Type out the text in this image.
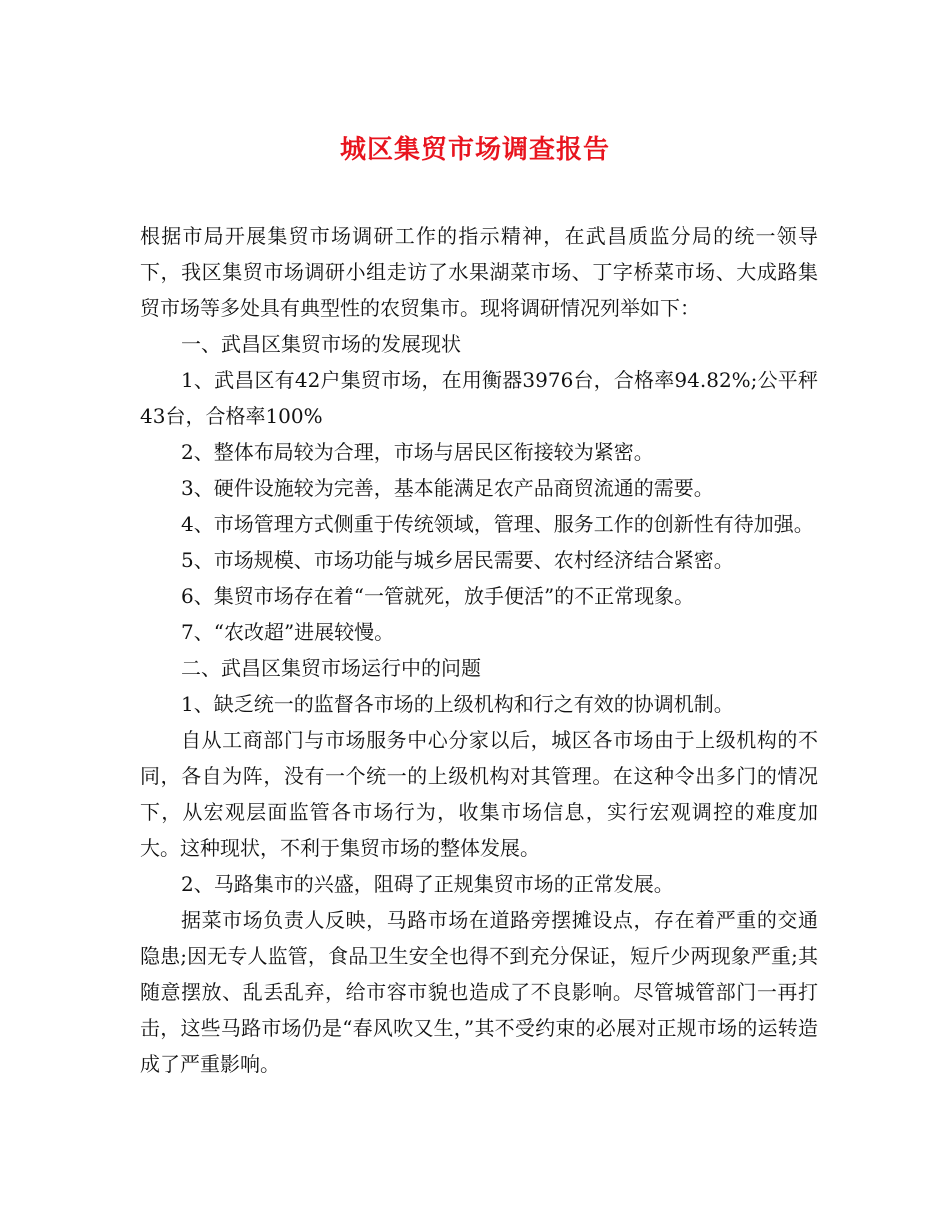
城区集贸市场调查报告

根据市局开展集贸市场调研工作的指示精神，在武昌质监分局的统一领导下，我区集贸市场调研小组走访了水果湖菜市场、丁字桥菜市场、大成路集贸市场等多处具有典型性的农贸集市。现将调研情况列举如下：

一、武昌区集贸市场的发展现状

1、武昌区有42户集贸市场，在用衡器3976台，合格率94.82%;公平秤43台，合格率100%

2、整体布局较为合理，市场与居民区衔接较为紧密。

3、硬件设施较为完善，基本能满足农产品商贸流通的需要。

4、市场管理方式侧重于传统领域，管理、服务工作的创新性有待加强。

5、市场规模、市场功能与城乡居民需要、农村经济结合紧密。

6、集贸市场存在着“一管就死，放手便活”的不正常现象。

7、“农改超”进展较慢。

二、武昌区集贸市场运行中的问题

1、缺乏统一的监督各市场的上级机构和行之有效的协调机制。

自从工商部门与市场服务中心分家以后，城区各市场由于上级机构的不同，各自为阵，没有一个统一的上级机构对其管理。在这种令出多门的情况下，从宏观层面监管各市场行为，收集市场信息，实行宏观调控的难度加大。这种现状，不利于集贸市场的整体发展。

2、马路集市的兴盛，阻碍了正规集贸市场的正常发展。

据菜市场负责人反映，马路市场在道路旁摆摊设点，存在着严重的交通隐患;因无专人监管，食品卫生安全也得不到充分保证，短斤少两现象严重;其随意摆放、乱丢乱弃，给市容市貌也造成了不良影响。尽管城管部门一再打击，这些马路市场仍是“春风吹又生，”其不受约束的必展对正规市场的运转造成了严重影响。
